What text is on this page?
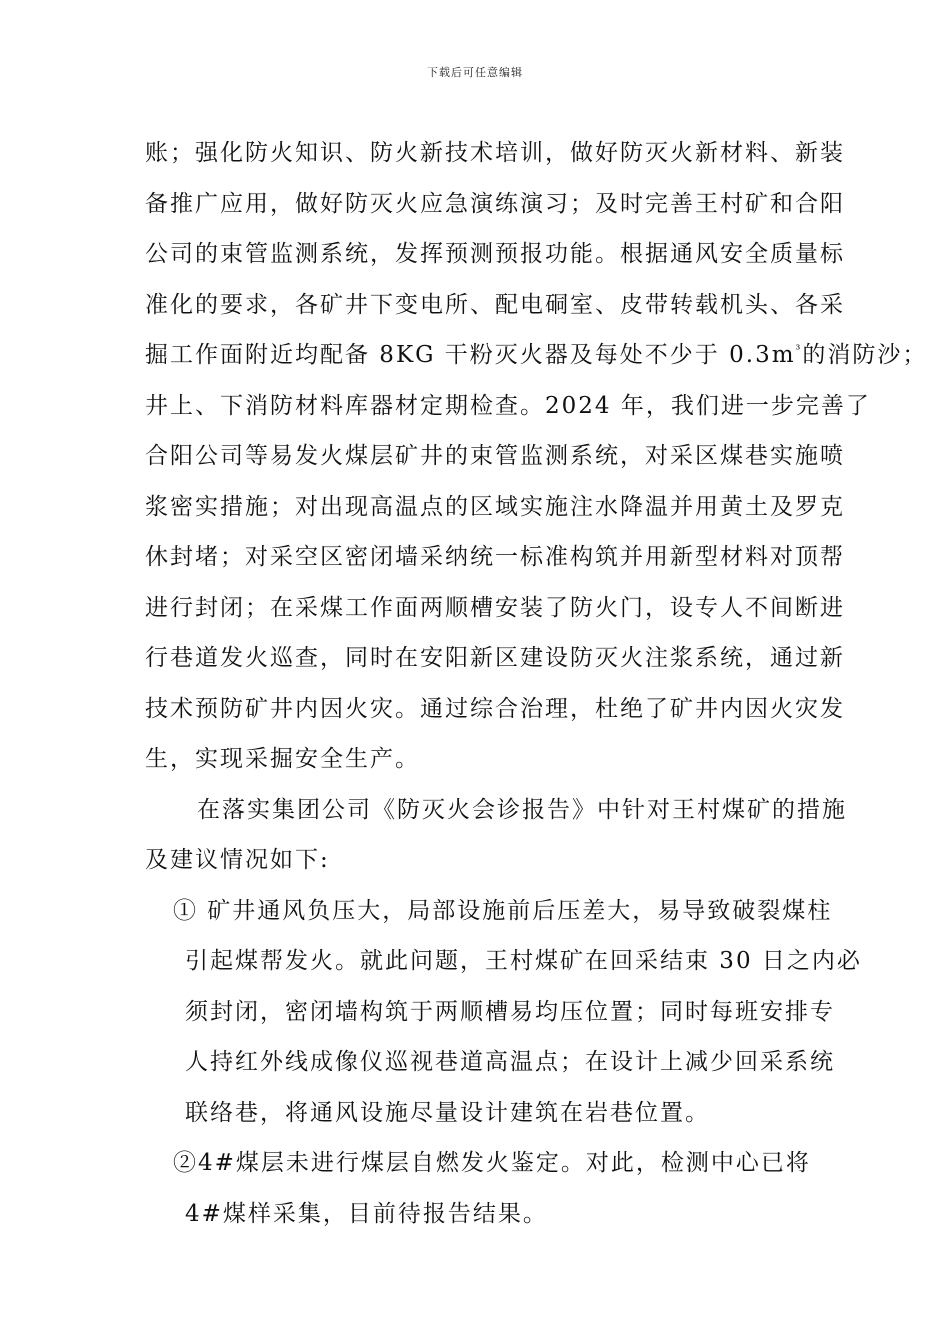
下载后可任意编辑
账；强化防火知识、防火新技术培训，做好防灭火新材料、新装
备推广应用，做好防灭火应急演练演习；及时完善王村矿和合阳
公司的束管监测系统，发挥预测预报功能。根据通风安全质量标
准化的要求，各矿井下变电所、配电硐室、皮带转载机头、各采
掘工作面附近均配备 8KG 干粉灭火器及每处不少于 $0.3m^{^3}$的消防沙；
井上、下消防材料库器材定期检查。2024 年，我们进一步完善了
合阳公司等易发火煤层矿井的束管监测系统，对采区煤巷实施喷
浆密实措施；对出现高温点的区域实施注水降温并用黄土及罗克
休封堵；对采空区密闭墙采纳统一标准构筑并用新型材料对顶帮
进行封闭；在采煤工作面两顺槽安装了防火门，设专人不间断进
行巷道发火巡查，同时在安阳新区建设防灭火注浆系统，通过新
技术预防矿井内因火灾。通过综合治理，杜绝了矿井内因火灾发
生，实现采掘安全生产。
在落实集团公司《防灭火会诊报告》中针对王村煤矿的措施
及建议情况如下:
① 矿井通风负压大，局部设施前后压差大，易导致破裂煤柱
引起煤帮发火。就此问题，王村煤矿在回采结束 30 日之内必
须封闭，密闭墙构筑于两顺槽易均压位置；同时每班安排专
人持红外线成像仪巡视巷道高温点；在设计上减少回采系统
联络巷，将通风设施尽量设计建筑在岩巷位置。
②4#煤层未进行煤层自燃发火鉴定。对此，检测中心已将
4#煤样采集，目前待报告结果。
